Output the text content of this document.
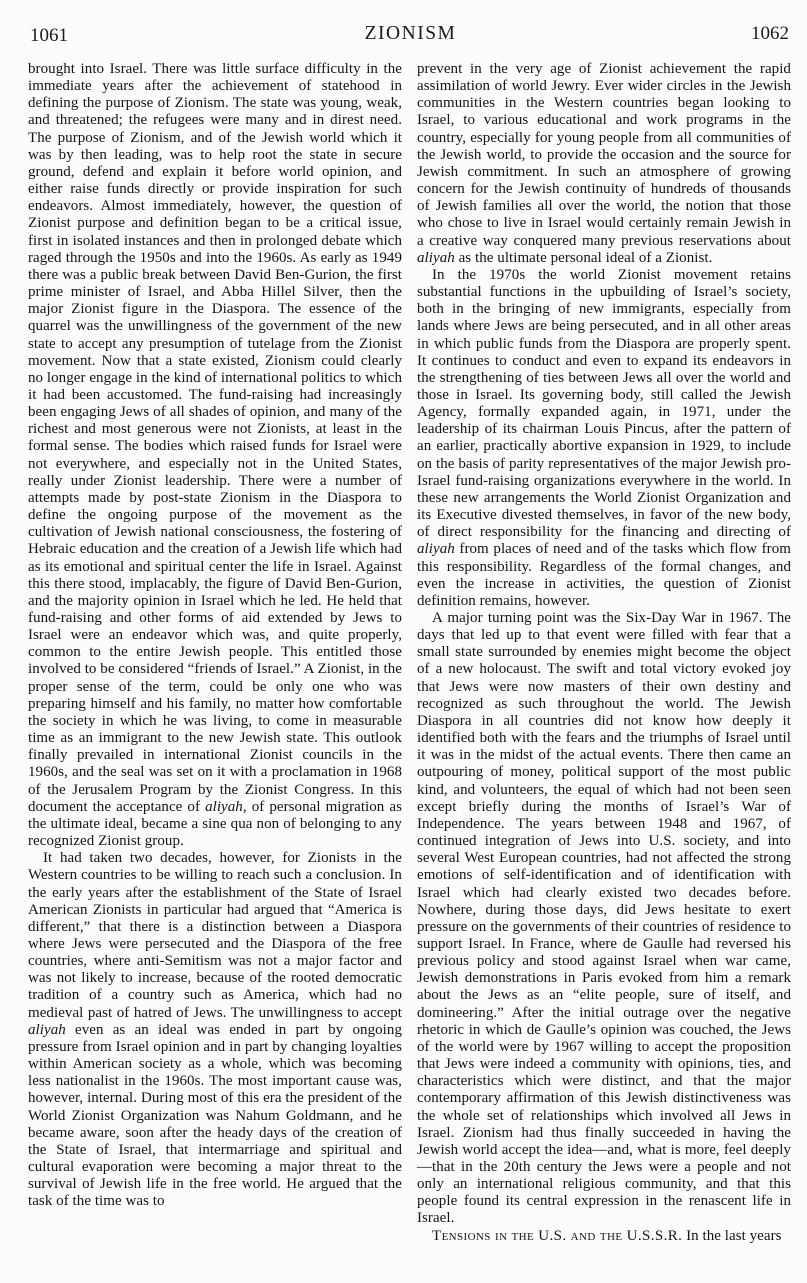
1061	ZIONISM	1062

brought into Israel. There was little surface difficulty in the immediate years after the achievement of statehood in defining the purpose of Zionism. The state was young, weak, and threatened; the refugees were many and in direst need. The purpose of Zionism, and of the Jewish world which it was by then leading, was to help root the state in secure ground, defend and explain it before world opinion, and either raise funds directly or provide inspiration for such endeavors. Almost immediately, however, the question of Zionist purpose and definition began to be a critical issue, first in isolated instances and then in prolonged debate which raged through the 1950s and into the 1960s. As early as 1949 there was a public break between David Ben-Gurion, the first prime minister of Israel, and Abba Hillel Silver, then the major Zionist figure in the Diaspora. The essence of the quarrel was the unwillingness of the government of the new state to accept any presumption of tutelage from the Zionist movement. Now that a state existed, Zionism could clearly no longer engage in the kind of international politics to which it had been accustomed. The fund-raising had increasingly been engaging Jews of all shades of opinion, and many of the richest and most generous were not Zionists, at least in the formal sense. The bodies which raised funds for Israel were not everywhere, and especially not in the United States, really under Zionist leadership. There were a number of attempts made by post-state Zionism in the Diaspora to define the ongoing purpose of the movement as the cultivation of Jewish national consciousness, the fostering of Hebraic education and the creation of a Jewish life which had as its emotional and spiritual center the life in Israel. Against this there stood, implacably, the figure of David Ben-Gurion, and the majority opinion in Israel which he led. He held that fund-raising and other forms of aid extended by Jews to Israel were an endeavor which was, and quite properly, common to the entire Jewish people. This entitled those involved to be considered “friends of Israel.” A Zionist, in the proper sense of the term, could be only one who was preparing himself and his family, no matter how comfortable the society in which he was living, to come in measurable time as an immigrant to the new Jewish state. This outlook finally prevailed in international Zionist councils in the 1960s, and the seal was set on it with a proclamation in 1968 of the Jerusalem Program by the Zionist Congress. In this document the acceptance of aliyah, of personal migration as the ultimate ideal, became a sine qua non of belonging to any recognized Zionist group.

It had taken two decades, however, for Zionists in the Western countries to be willing to reach such a conclusion. In the early years after the establishment of the State of Israel American Zionists in particular had argued that “America is different,” that there is a distinction between a Diaspora where Jews were persecuted and the Diaspora of the free countries, where anti-Semitism was not a major factor and was not likely to increase, because of the rooted democratic tradition of a country such as America, which had no medieval past of hatred of Jews. The unwillingness to accept aliyah even as an ideal was ended in part by ongoing pressure from Israel opinion and in part by changing loyalties within American society as a whole, which was becoming less nationalist in the 1960s. The most important cause was, however, internal. During most of this era the president of the World Zionist Organization was Nahum Goldmann, and he became aware, soon after the heady days of the creation of the State of Israel, that intermarriage and spiritual and cultural evaporation were becoming a major threat to the survival of Jewish life in the free world. He argued that the task of the time was to

prevent in the very age of Zionist achievement the rapid assimilation of world Jewry. Ever wider circles in the Jewish communities in the Western countries began looking to Israel, to various educational and work programs in the country, especially for young people from all communities of the Jewish world, to provide the occasion and the source for Jewish commitment. In such an atmosphere of growing concern for the Jewish continuity of hundreds of thousands of Jewish families all over the world, the notion that those who chose to live in Israel would certainly remain Jewish in a creative way conquered many previous reservations about aliyah as the ultimate personal ideal of a Zionist.

In the 1970s the world Zionist movement retains substantial functions in the upbuilding of Israel’s society, both in the bringing of new immigrants, especially from lands where Jews are being persecuted, and in all other areas in which public funds from the Diaspora are properly spent. It continues to conduct and even to expand its endeavors in the strengthening of ties between Jews all over the world and those in Israel. Its governing body, still called the Jewish Agency, formally expanded again, in 1971, under the leadership of its chairman Louis Pincus, after the pattern of an earlier, practically abortive expansion in 1929, to include on the basis of parity representatives of the major Jewish pro-Israel fund-raising organizations everywhere in the world. In these new arrangements the World Zionist Organization and its Executive divested themselves, in favor of the new body, of direct responsibility for the financing and directing of aliyah from places of need and of the tasks which flow from this responsibility. Regardless of the formal changes, and even the increase in activities, the question of Zionist definition remains, however.

A major turning point was the Six-Day War in 1967. The days that led up to that event were filled with fear that a small state surrounded by enemies might become the object of a new holocaust. The swift and total victory evoked joy that Jews were now masters of their own destiny and recognized as such throughout the world. The Jewish Diaspora in all countries did not know how deeply it identified both with the fears and the triumphs of Israel until it was in the midst of the actual events. There then came an outpouring of money, political support of the most public kind, and volunteers, the equal of which had not been seen except briefly during the months of Israel’s War of Independence. The years between 1948 and 1967, of continued integration of Jews into U.S. society, and into several West European countries, had not affected the strong emotions of self-identification and of identification with Israel which had clearly existed two decades before. Nowhere, during those days, did Jews hesitate to exert pressure on the governments of their countries of residence to support Israel. In France, where de Gaulle had reversed his previous policy and stood against Israel when war came, Jewish demonstrations in Paris evoked from him a remark about the Jews as an “elite people, sure of itself, and domineering.” After the initial outrage over the negative rhetoric in which de Gaulle’s opinion was couched, the Jews of the world were by 1967 willing to accept the proposition that Jews were indeed a community with opinions, ties, and characteristics which were distinct, and that the major contemporary affirmation of this Jewish distinctiveness was the whole set of relationships which involved all Jews in Israel. Zionism had thus finally succeeded in having the Jewish world accept the idea—and, what is more, feel deeply—that in the 20th century the Jews were a people and not only an international religious community, and that this people found its central expression in the renascent life in Israel.

Tensions in the U.S. and the U.S.S.R. In the last years
